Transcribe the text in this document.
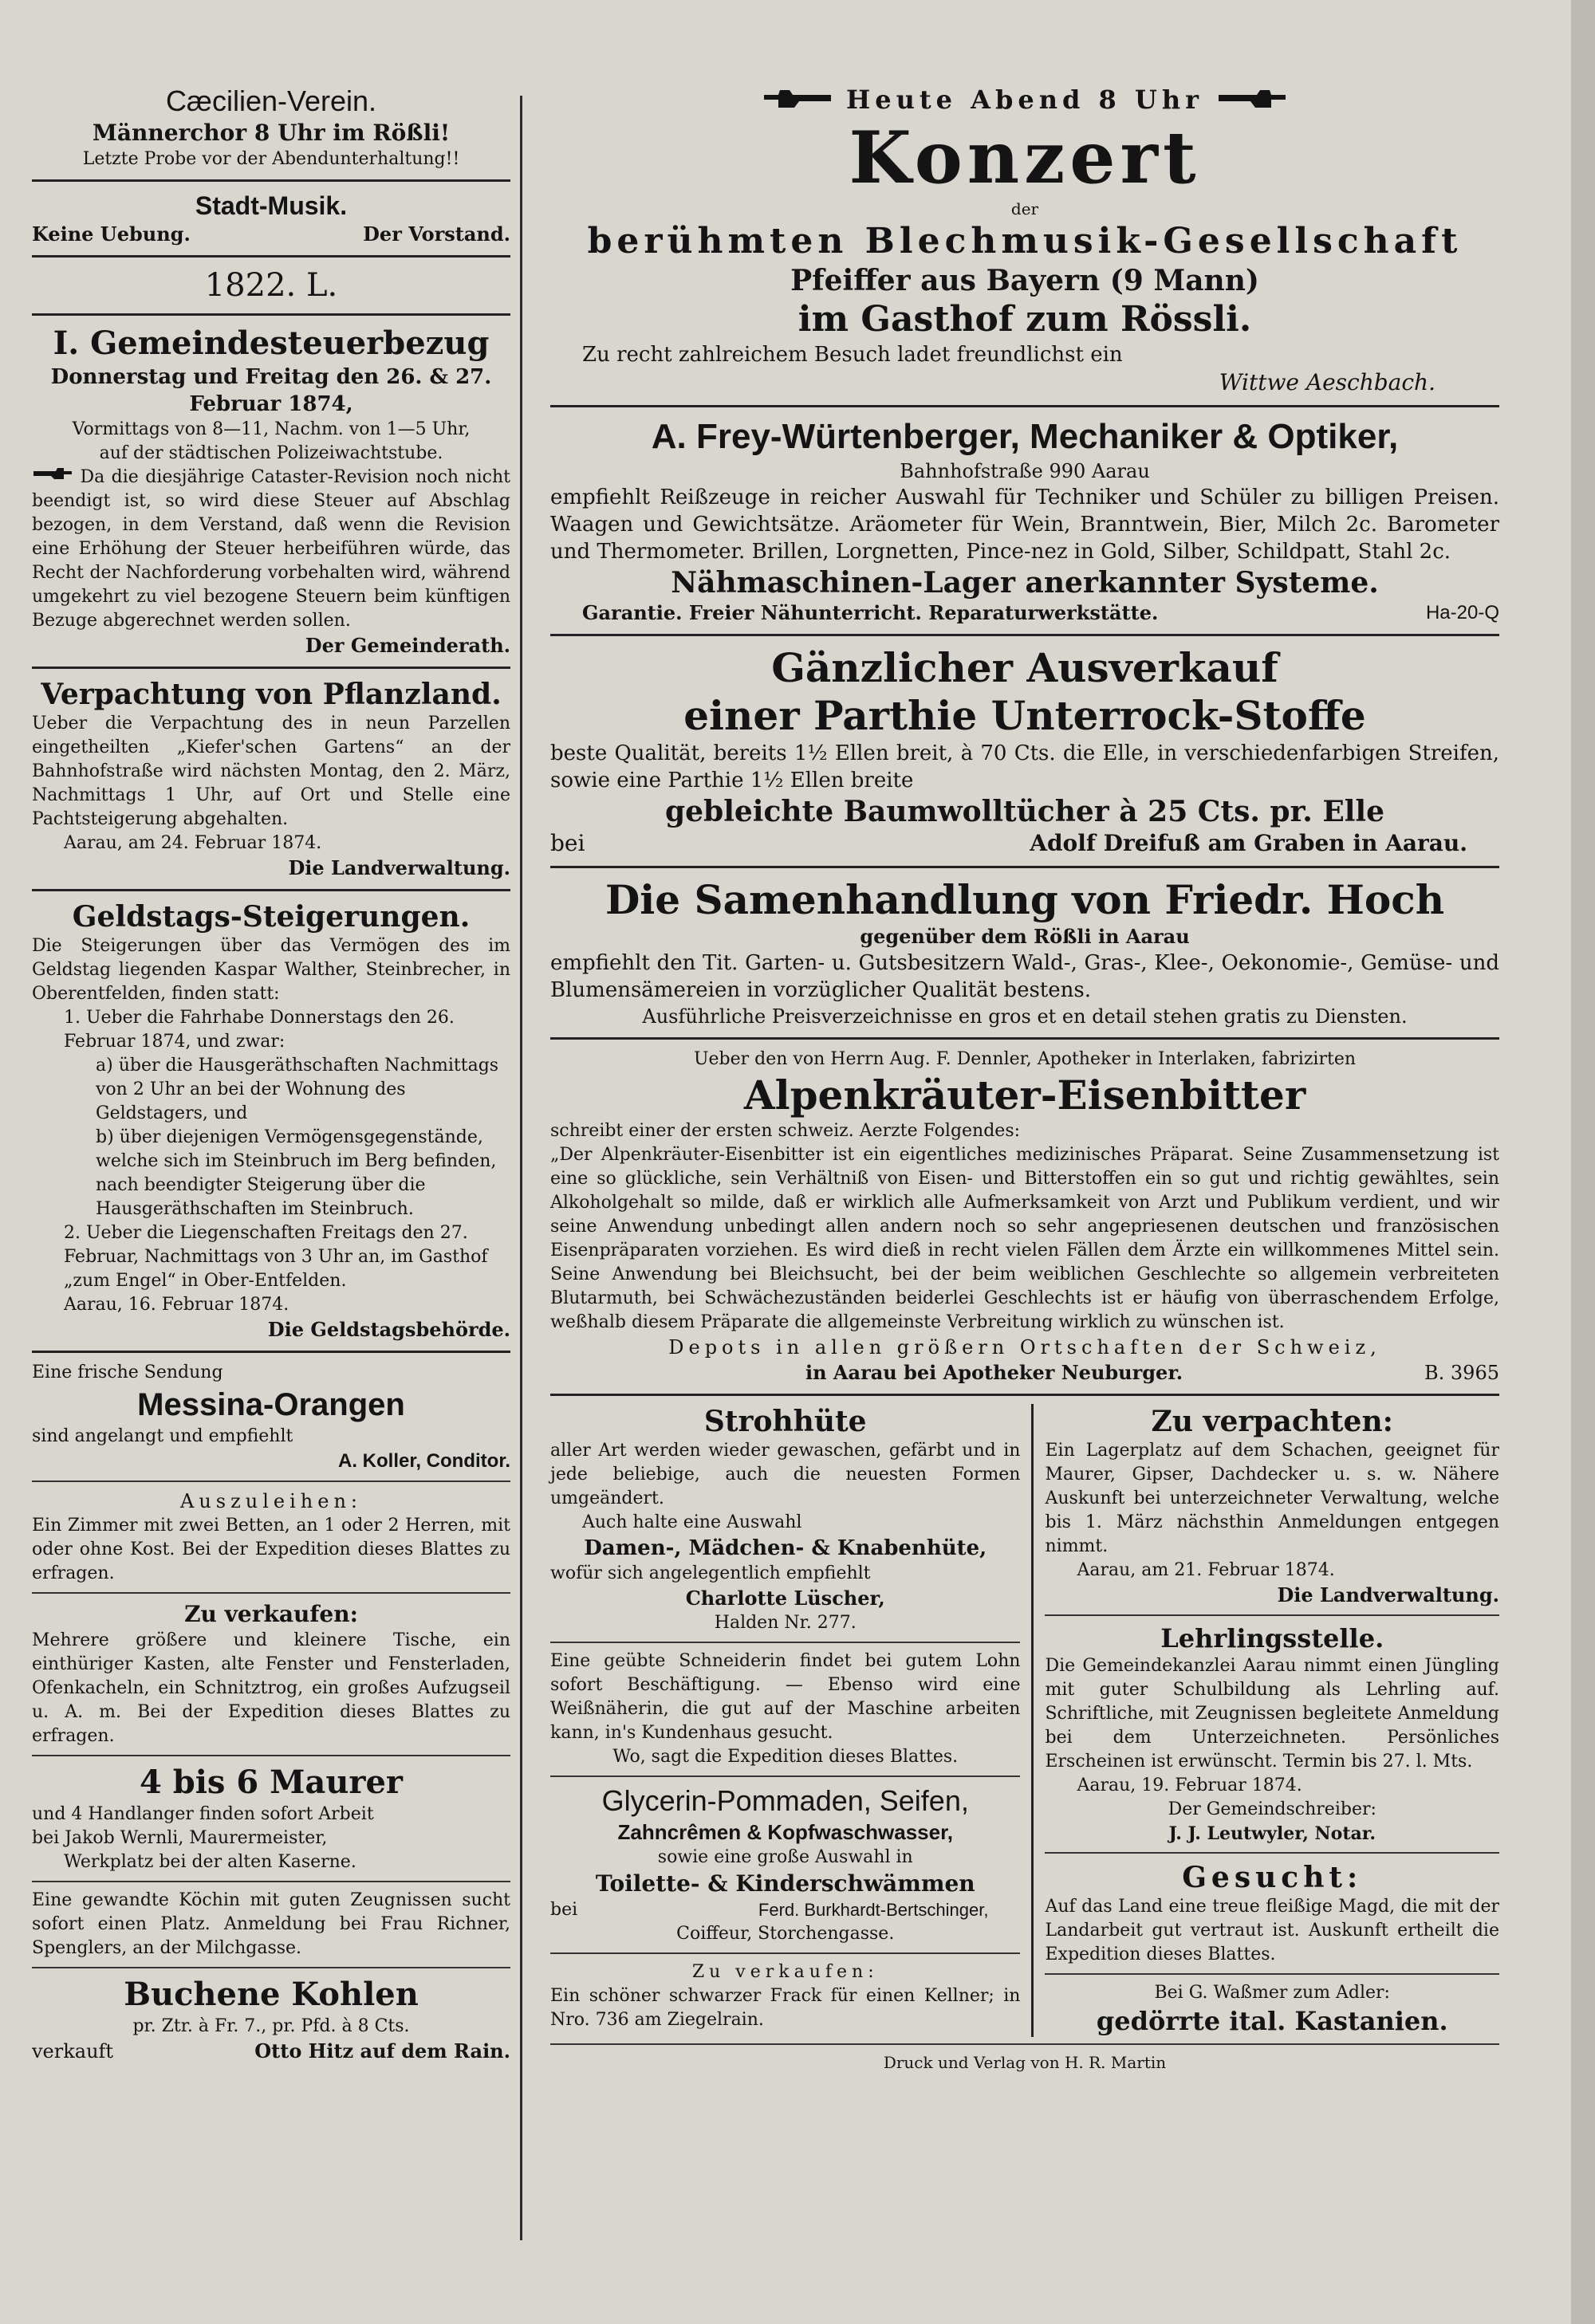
Cæcilien-Verein.
Männerchor 8 Uhr im Rößli!
Letzte Probe vor der Abendunterhaltung!!
Stadt-Musik.
Keine Uebung.	Der Vorstand.
1822. L.
I. Gemeindesteuerbezug
Donnerstag und Freitag den 26. & 27.
Februar 1874,
Vormittags von 8—11, Nachm. von 1—5 Uhr,
auf der städtischen Polizeiwachtstube.
Da die diesjährige Cataster-Revision noch nicht beendigt ist, so wird diese Steuer auf Abschlag bezogen, in dem Verstand, daß wenn die Revision eine Erhöhung der Steuer herbeiführen würde, das Recht der Nachforderung vorbehalten wird, während umgekehrt zu viel bezogene Steuern beim künftigen Bezuge abgerechnet werden sollen.
Der Gemeinderath.
Verpachtung von Pflanzland.
Ueber die Verpachtung des in neun Parzellen eingetheilten „Kiefer'schen Gartens“ an der Bahnhofstraße wird nächsten Montag, den 2. März, Nachmittags 1 Uhr, auf Ort und Stelle eine Pachtsteigerung abgehalten.
Aarau, am 24. Februar 1874.
Die Landverwaltung.
Geldstags-Steigerungen.
Die Steigerungen über das Vermögen des im Geldstag liegenden Kaspar Walther, Steinbrecher, in Oberentfelden, finden statt:
1. Ueber die Fahrhabe Donnerstags den 26. Februar 1874, und zwar:
a) über die Hausgeräthschaften Nachmittags von 2 Uhr an bei der Wohnung des Geldstagers, und
b) über diejenigen Vermögensgegenstände, welche sich im Steinbruch im Berg befinden, nach beendigter Steigerung über die Hausgeräthschaften im Steinbruch.
2. Ueber die Liegenschaften Freitags den 27. Februar, Nachmittags von 3 Uhr an, im Gasthof „zum Engel“ in Ober-Entfelden.
Aarau, 16. Februar 1874.
Die Geldstagsbehörde.
Eine frische Sendung
Messina-Orangen
sind angelangt und empfiehlt
A. Koller, Conditor.
Auszuleihen:
Ein Zimmer mit zwei Betten, an 1 oder 2 Herren, mit oder ohne Kost. Bei der Expedition dieses Blattes zu erfragen.
Zu verkaufen:
Mehrere größere und kleinere Tische, ein einthüriger Kasten, alte Fenster und Fensterladen, Ofenkacheln, ein Schnitztrog, ein großes Aufzugseil u. A. m. Bei der Expedition dieses Blattes zu erfragen.
4 bis 6 Maurer
und 4 Handlanger finden sofort Arbeit
bei Jakob Wernli, Maurermeister,
Werkplatz bei der alten Kaserne.
Eine gewandte Köchin mit guten Zeugnissen sucht sofort einen Platz. Anmeldung bei Frau Richner, Spenglers, an der Milchgasse.
Buchene Kohlen
pr. Ztr. à Fr. 7., pr. Pfd. à 8 Cts.
verkauft	Otto Hitz auf dem Rain.
Heute Abend 8 Uhr
Konzert
der
berühmten Blechmusik-Gesellschaft
Pfeiffer aus Bayern (9 Mann)
im Gasthof zum Rössli.
Zu recht zahlreichem Besuch ladet freundlichst ein
Wittwe Aeschbach.
A. Frey-Würtenberger, Mechaniker & Optiker,
Bahnhofstraße 990 Aarau
empfiehlt Reißzeuge in reicher Auswahl für Techniker und Schüler zu billigen Preisen. Waagen und Gewichtsätze. Aräometer für Wein, Branntwein, Bier, Milch 2c. Barometer und Thermometer. Brillen, Lorgnetten, Pince-nez in Gold, Silber, Schildpatt, Stahl 2c.
Nähmaschinen-Lager anerkannter Systeme.
Garantie. Freier Nähunterricht. Reparaturwerkstätte.	Ha-20-Q
Gänzlicher Ausverkauf
einer Parthie Unterrock-Stoffe
beste Qualität, bereits 1½ Ellen breit, à 70 Cts. die Elle, in verschiedenfarbigen Streifen, sowie eine Parthie 1½ Ellen breite
gebleichte Baumwolltücher à 25 Cts. pr. Elle
bei	Adolf Dreifuß am Graben in Aarau.
Die Samenhandlung von Friedr. Hoch
gegenüber dem Rößli in Aarau
empfiehlt den Tit. Garten- u. Gutsbesitzern Wald-, Gras-, Klee-, Oekonomie-, Gemüse- und Blumensämereien in vorzüglicher Qualität bestens.
Ausführliche Preisverzeichnisse en gros et en detail stehen gratis zu Diensten.
Ueber den von Herrn Aug. F. Dennler, Apotheker in Interlaken, fabrizirten
Alpenkräuter-Eisenbitter
schreibt einer der ersten schweiz. Aerzte Folgendes:
„Der Alpenkräuter-Eisenbitter ist ein eigentliches medizinisches Präparat. Seine Zusammensetzung ist eine so glückliche, sein Verhältniß von Eisen- und Bitterstoffen ein so gut und richtig gewähltes, sein Alkoholgehalt so milde, daß er wirklich alle Aufmerksamkeit von Arzt und Publikum verdient, und wir seine Anwendung unbedingt allen andern noch so sehr angepriesenen deutschen und französischen Eisenpräparaten vorziehen. Es wird dieß in recht vielen Fällen dem Ärzte ein willkommenes Mittel sein. Seine Anwendung bei Bleichsucht, bei der beim weiblichen Geschlechte so allgemein verbreiteten Blutarmuth, bei Schwächezuständen beiderlei Geschlechts ist er häufig von überraschendem Erfolge, weßhalb diesem Präparate die allgemeinste Verbreitung wirklich zu wünschen ist.
Depots in allen größern Ortschaften der Schweiz,
in Aarau bei Apotheker Neuburger.	B. 3965
Strohhüte
aller Art werden wieder gewaschen, gefärbt und in jede beliebige, auch die neuesten Formen umgeändert.
Auch halte eine Auswahl
Damen-, Mädchen- & Knabenhüte,
wofür sich angelegentlich empfiehlt
Charlotte Lüscher,
Halden Nr. 277.
Eine geübte Schneiderin findet bei gutem Lohn sofort Beschäftigung. — Ebenso wird eine Weißnäherin, die gut auf der Maschine arbeiten kann, in's Kundenhaus gesucht.
Wo, sagt die Expedition dieses Blattes.
Glycerin-Pommaden, Seifen,
Zahncrêmen & Kopfwaschwasser,
sowie eine große Auswahl in
Toilette- & Kinderschwämmen
bei	Ferd. Burkhardt-Bertschinger,
Coiffeur, Storchengasse.
Zu verkaufen:
Ein schöner schwarzer Frack für einen Kellner; in Nro. 736 am Ziegelrain.
Zu verpachten:
Ein Lagerplatz auf dem Schachen, geeignet für Maurer, Gipser, Dachdecker u. s. w. Nähere Auskunft bei unterzeichneter Verwaltung, welche bis 1. März nächsthin Anmeldungen entgegen nimmt.
Aarau, am 21. Februar 1874.
Die Landverwaltung.
Lehrlingsstelle.
Die Gemeindekanzlei Aarau nimmt einen Jüngling mit guter Schulbildung als Lehrling auf. Schriftliche, mit Zeugnissen begleitete Anmeldung bei dem Unterzeichneten. Persönliches Erscheinen ist erwünscht. Termin bis 27. l. Mts.
Aarau, 19. Februar 1874.
Der Gemeindschreiber:
J. J. Leutwyler, Notar.
Gesucht:
Auf das Land eine treue fleißige Magd, die mit der Landarbeit gut vertraut ist. Auskunft ertheilt die Expedition dieses Blattes.
Bei G. Waßmer zum Adler:
gedörrte ital. Kastanien.
Druck und Verlag von H. R. Martin
